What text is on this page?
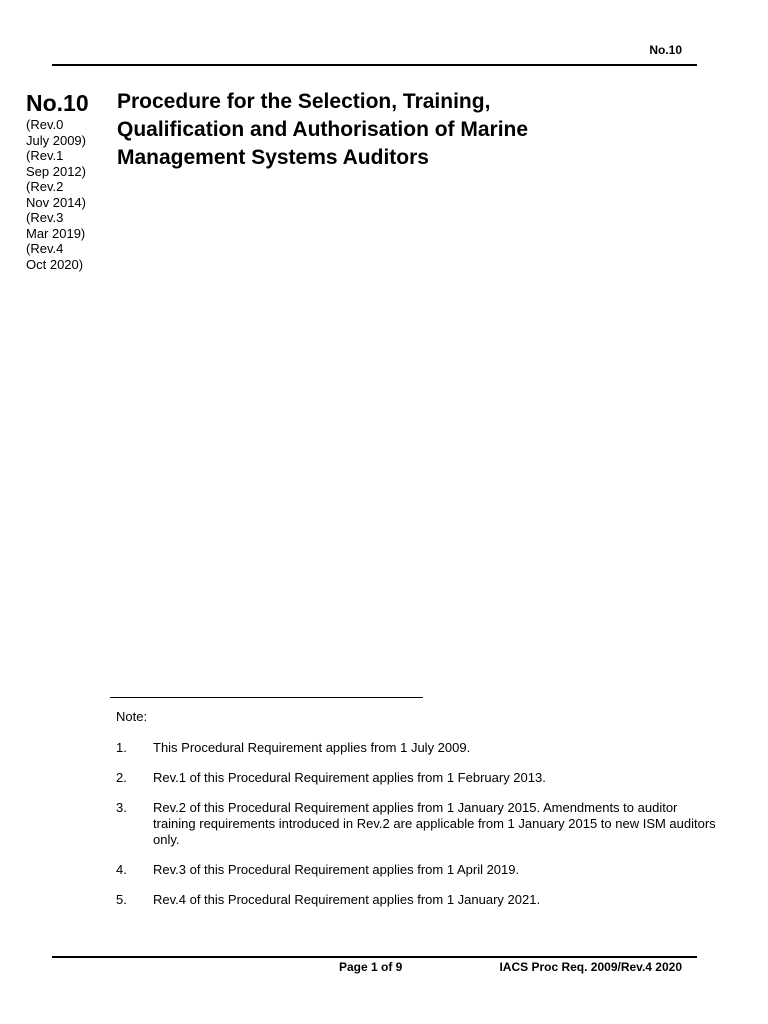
No.10
No.10
(Rev.0
July 2009)
(Rev.1
Sep 2012)
(Rev.2
Nov 2014)
(Rev.3
Mar 2019)
(Rev.4
Oct 2020)
Procedure for the Selection, Training,
Qualification and Authorisation of Marine
Management Systems Auditors
Note:
1.	This Procedural Requirement applies from 1 July 2009.
2.	Rev.1 of this Procedural Requirement applies from 1 February 2013.
3.	Rev.2 of this Procedural Requirement applies from 1 January 2015. Amendments to auditor training requirements introduced in Rev.2 are applicable from 1 January 2015 to new ISM auditors only.
4.	Rev.3 of this Procedural Requirement applies from 1 April 2019.
5.	Rev.4 of this Procedural Requirement applies from 1 January 2021.
Page 1 of 9	IACS Proc Req. 2009/Rev.4 2020
